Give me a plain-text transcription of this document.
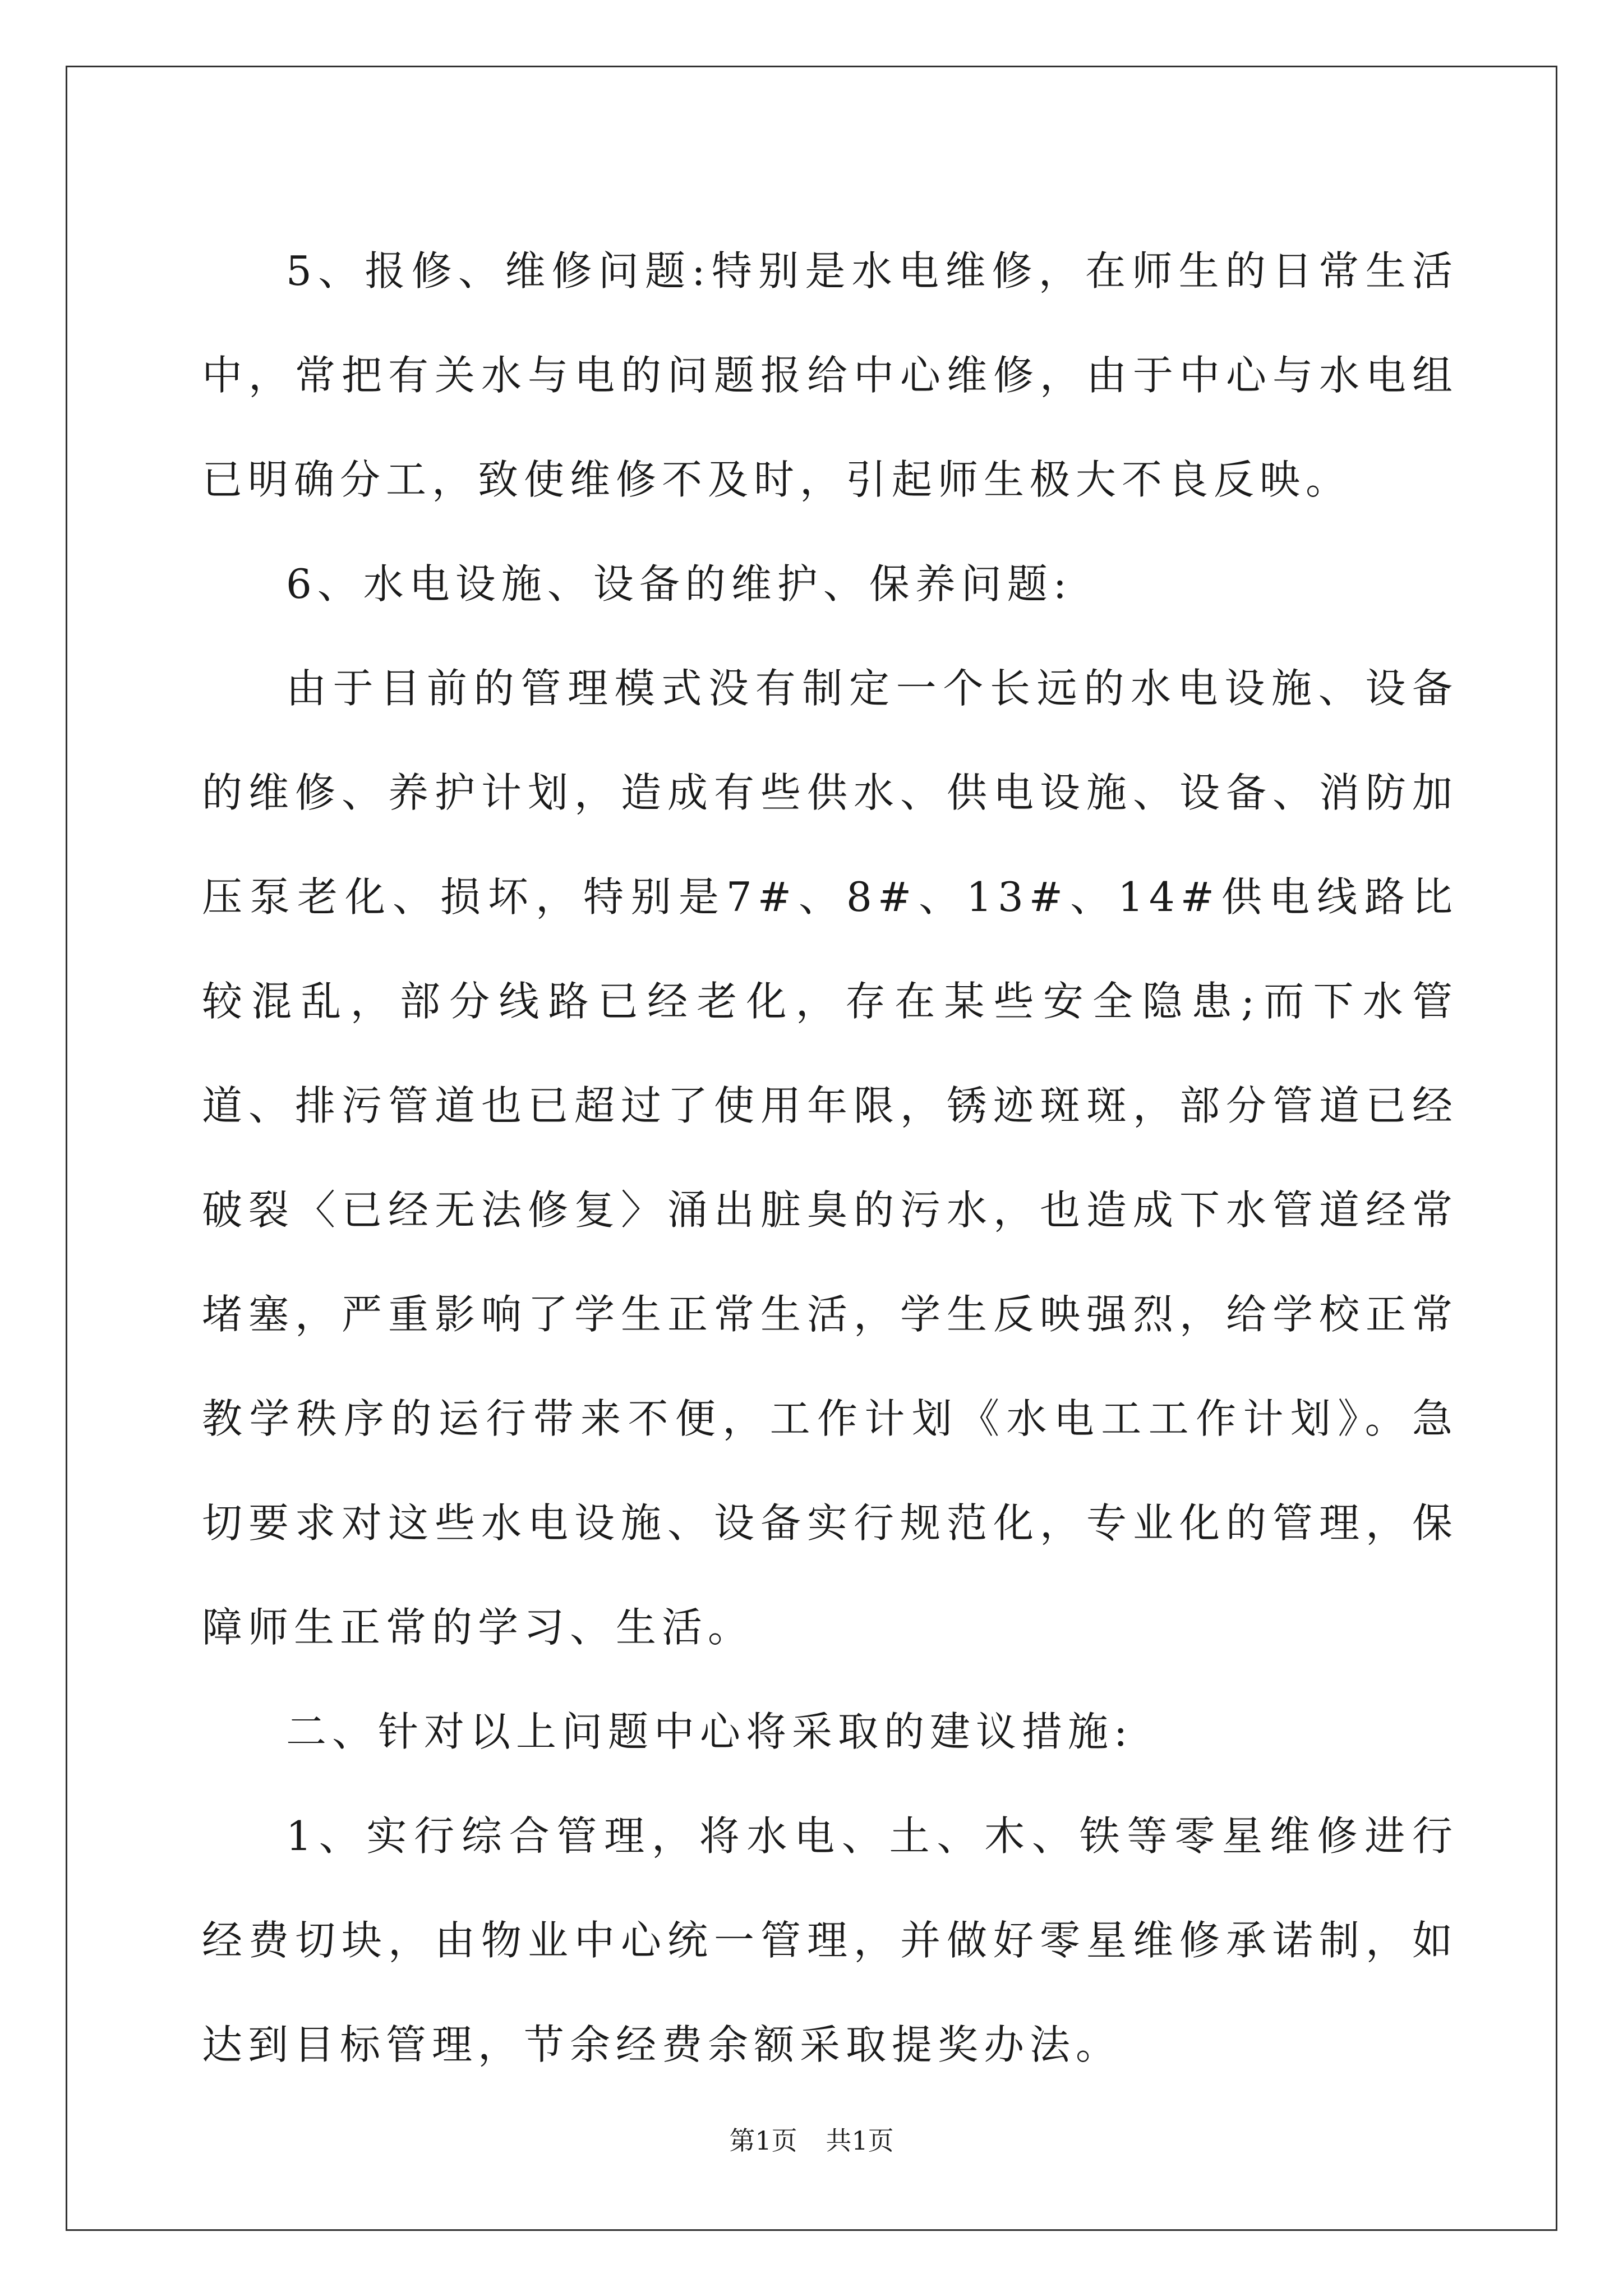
5、报修、维修问题:特别是水电维修，在师生的日常生活中，常把有关水与电的问题报给中心维修，由于中心与水电组已明确分工，致使维修不及时，引起师生极大不良反映。

6、水电设施、设备的维护、保养问题:

由于目前的管理模式没有制定一个长远的水电设施、设备的维修、养护计划，造成有些供水、供电设施、设备、消防加压泵老化、损坏，特别是7#、8#、13#、14#供电线路比较混乱，部分线路已经老化，存在某些安全隐患;而下水管道、排污管道也已超过了使用年限，锈迹斑斑，部分管道已经破裂〈已经无法修复〉涌出脏臭的污水，也造成下水管道经常堵塞，严重影响了学生正常生活，学生反映强烈，给学校正常教学秩序的运行带来不便，工作计划《水电工工作计划》。急切要求对这些水电设施、设备实行规范化，专业化的管理，保障师生正常的学习、生活。

二、针对以上问题中心将采取的建议措施:

1、实行综合管理，将水电、土、木、铁等零星维修进行经费切块，由物业中心统一管理，并做好零星维修承诺制，如达到目标管理，节余经费余额采取提奖办法。

第1页 共1页
